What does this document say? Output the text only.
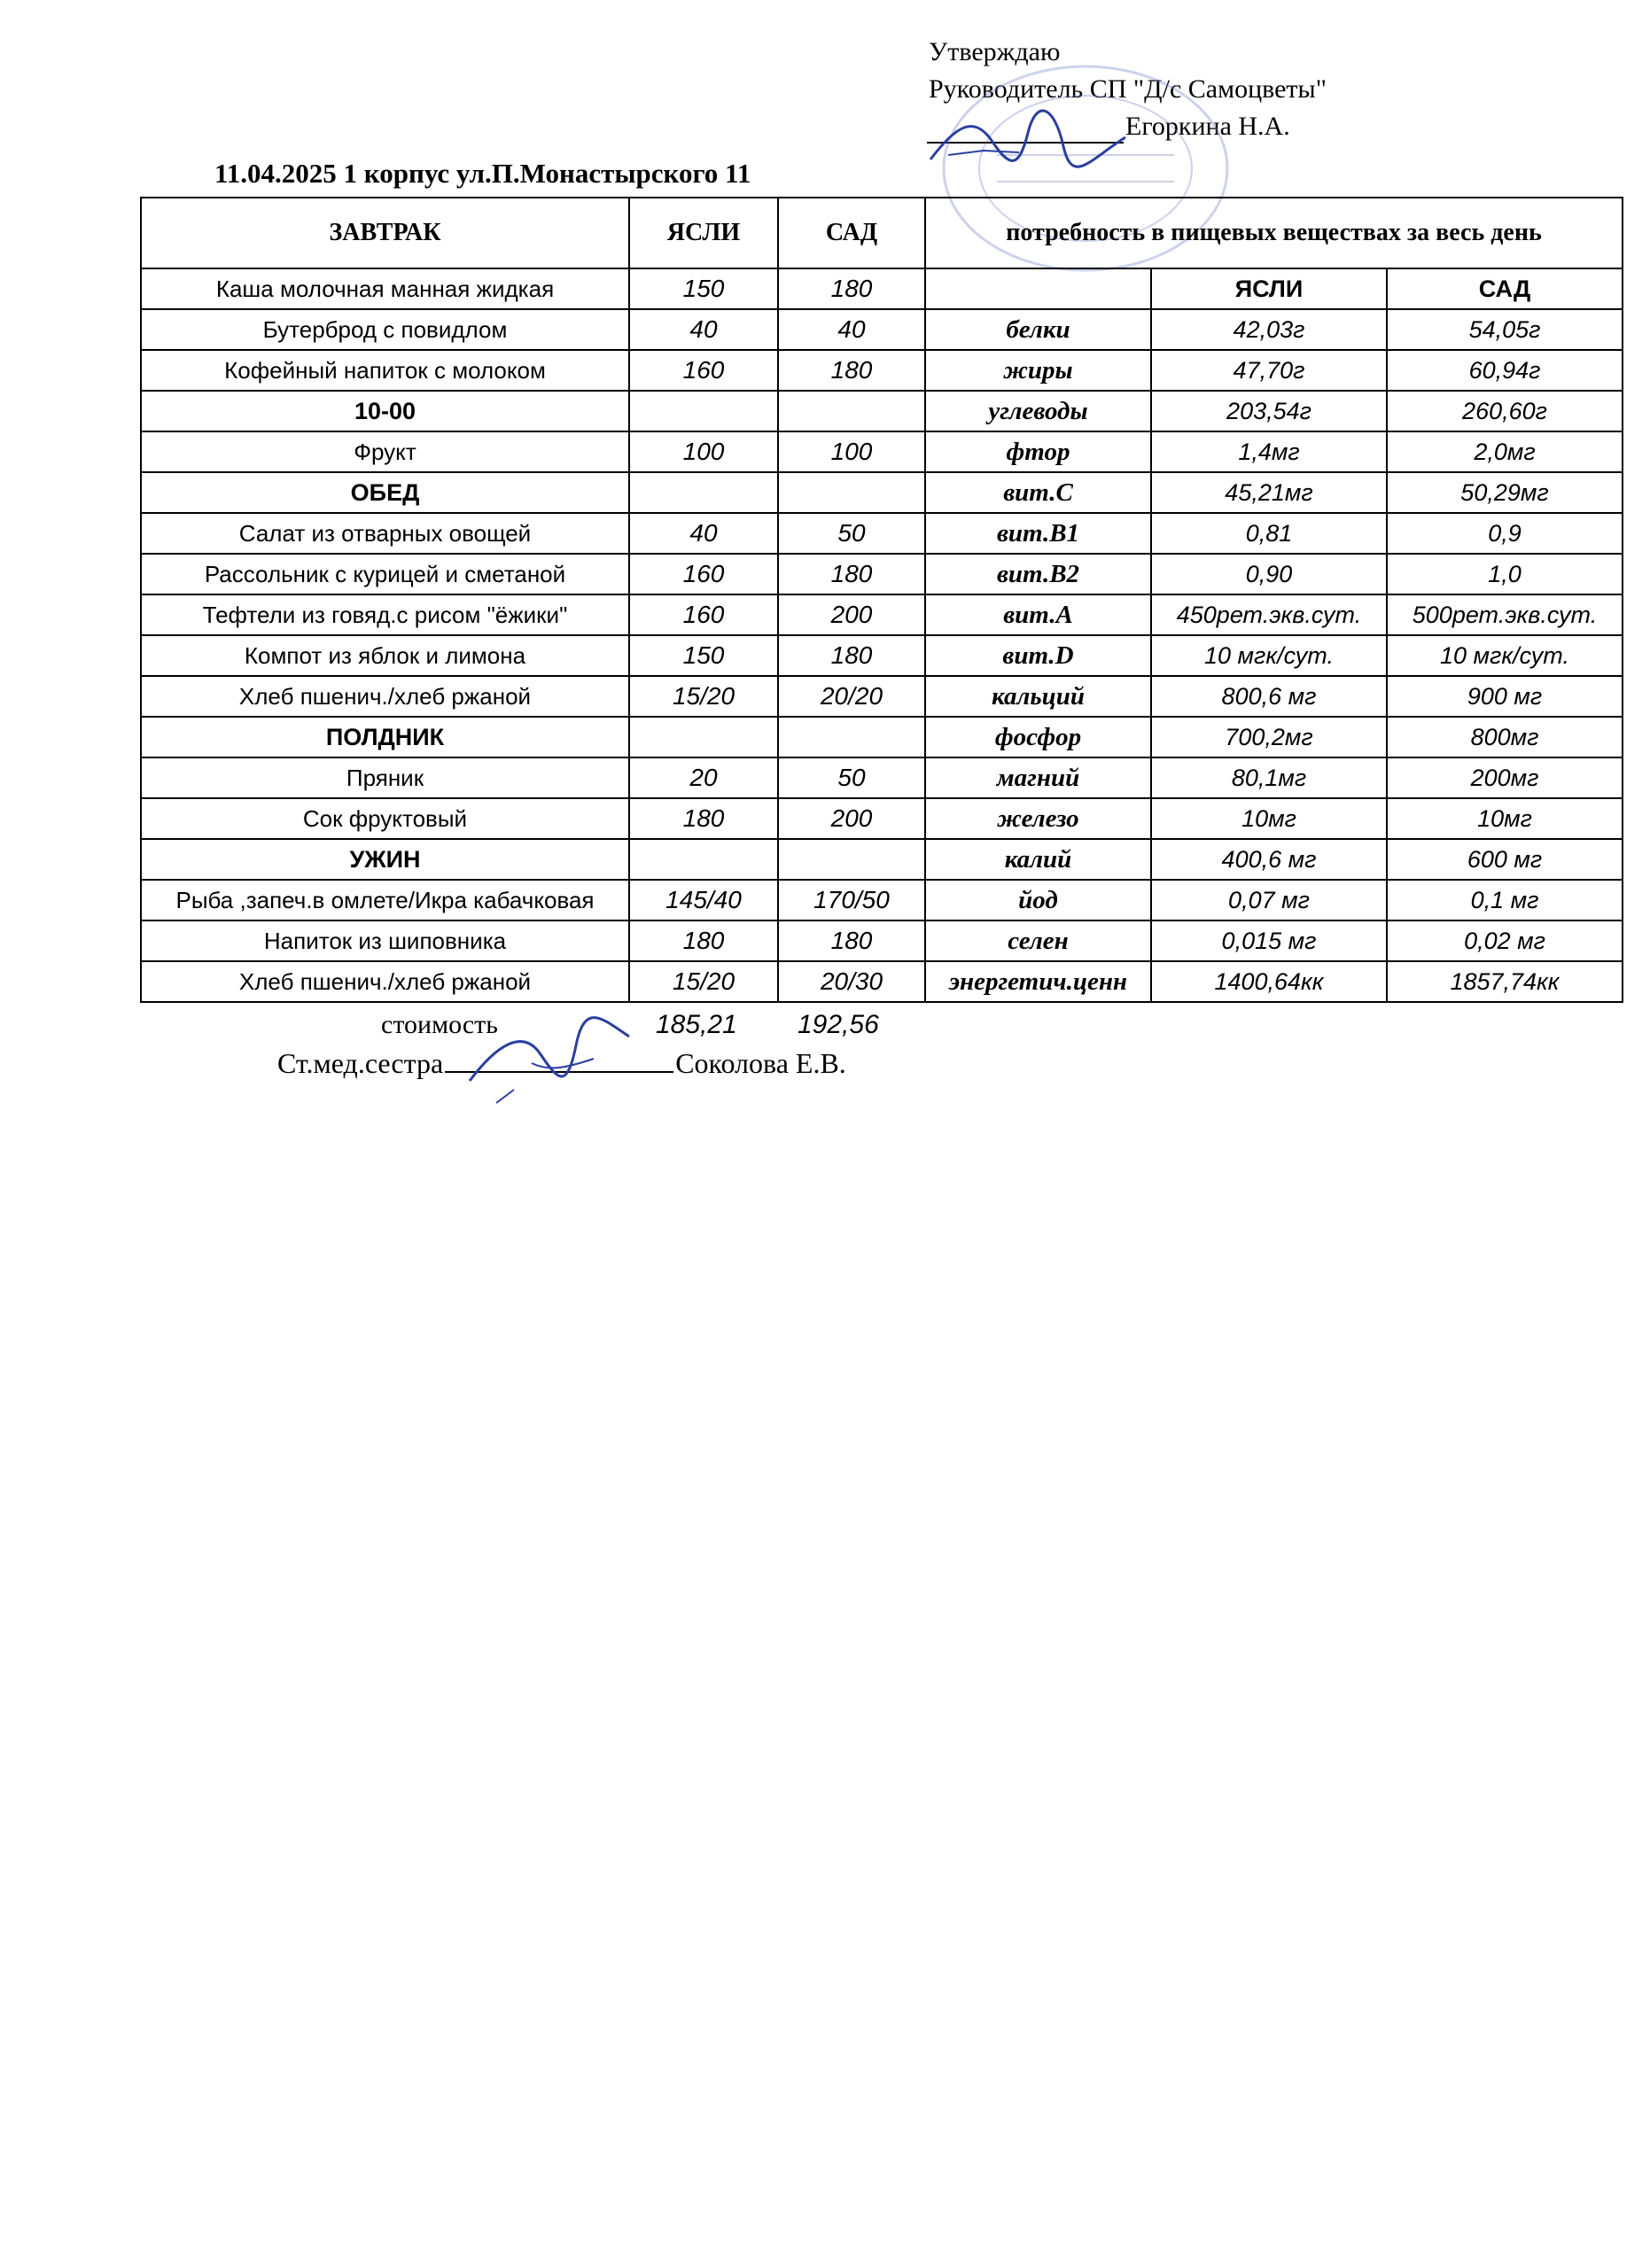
Утверждаю
Руководитель СП "Д/с Самоцветы"
Егоркина Н.А.
11.04.2025 1 корпус ул.П.Монастырского 11
ЗАВТРАК	ЯСЛИ	САД	потребность в пищевых веществах за весь день		
Каша молочная манная жидкая	150	180		ЯСЛИ	САД
Бутерброд с повидлом	40	40	белки	42,03г	54,05г
Кофейный напиток с молоком	160	180	жиры	47,70г	60,94г
10-00			углеводы	203,54г	260,60г
Фрукт	100	100	фтор	1,4мг	2,0мг
ОБЕД			вит.С	45,21мг	50,29мг
Салат из отварных овощей	40	50	вит.В1	0,81	0,9
Рассольник с курицей и сметаной	160	180	вит.В2	0,90	1,0
Тефтели из говяд.с рисом "ёжики"	160	200	вит.А	450рет.экв.сут.	500рет.экв.сут.
Компот из яблок и лимона	150	180	вит.D	10 мгк/сут.	10 мгк/сут.
Хлеб пшенич./хлеб ржаной	15/20	20/20	кальций	800,6 мг	900 мг
ПОЛДНИК			фосфор	700,2мг	800мг
Пряник	20	50	магний	80,1мг	200мг
Сок фруктовый	180	200	железо	10мг	10мг
УЖИН			калий	400,6 мг	600 мг
Рыба ,запеч.в омлете/Икра кабачковая	145/40	170/50	йод	0,07 мг	0,1 мг
Напиток из шиповника	180	180	селен	0,015 мг	0,02 мг
Хлеб пшенич./хлеб ржаной	15/20	20/30	энергетич.ценн	1400,64кк	1857,74кк
стоимость	185,21 192,56
Ст.мед.сестра	Соколова Е.В.
